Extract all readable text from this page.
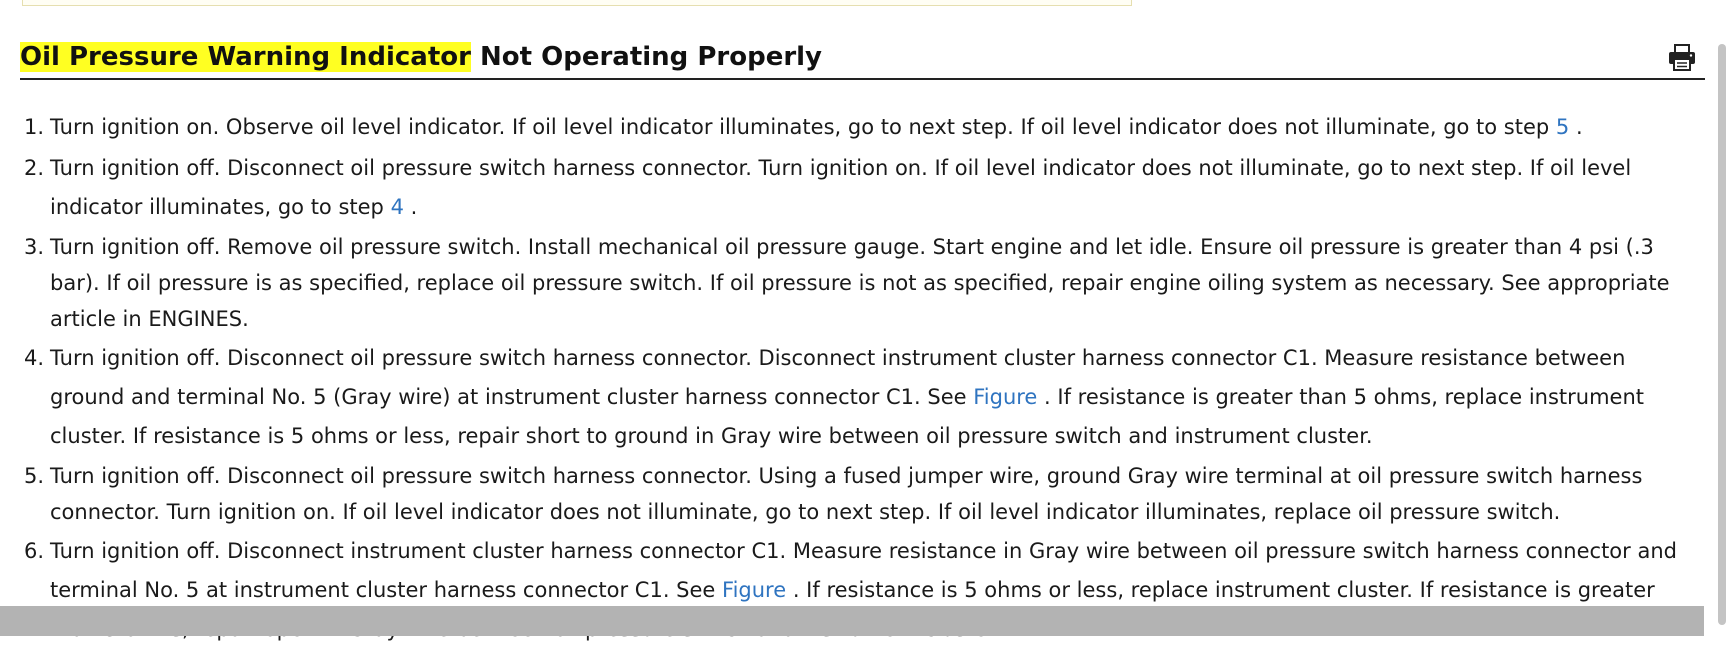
Oil Pressure Warning Indicator Not Operating Properly
1. Turn ignition on. Observe oil level indicator. If oil level indicator illuminates, go to next step. If oil level indicator does not illuminate, go to step 5 .
2. Turn ignition off. Disconnect oil pressure switch harness connector. Turn ignition on. If oil level indicator does not illuminate, go to next step. If oil level indicator illuminates, go to step 4 .
3. Turn ignition off. Remove oil pressure switch. Install mechanical oil pressure gauge. Start engine and let idle. Ensure oil pressure is greater than 4 psi (.3 bar). If oil pressure is as specified, replace oil pressure switch. If oil pressure is not as specified, repair engine oiling system as necessary. See appropriate article in ENGINES.
4. Turn ignition off. Disconnect oil pressure switch harness connector. Disconnect instrument cluster harness connector C1. Measure resistance between ground and terminal No. 5 (Gray wire) at instrument cluster harness connector C1. See Figure . If resistance is greater than 5 ohms, replace instrument cluster. If resistance is 5 ohms or less, repair short to ground in Gray wire between oil pressure switch and instrument cluster.
5. Turn ignition off. Disconnect oil pressure switch harness connector. Using a fused jumper wire, ground Gray wire terminal at oil pressure switch harness connector. Turn ignition on. If oil level indicator does not illuminate, go to next step. If oil level indicator illuminates, replace oil pressure switch.
6. Turn ignition off. Disconnect instrument cluster harness connector C1. Measure resistance in Gray wire between oil pressure switch harness connector and terminal No. 5 at instrument cluster harness connector C1. See Figure . If resistance is 5 ohms or less, replace instrument cluster. If resistance is greater
